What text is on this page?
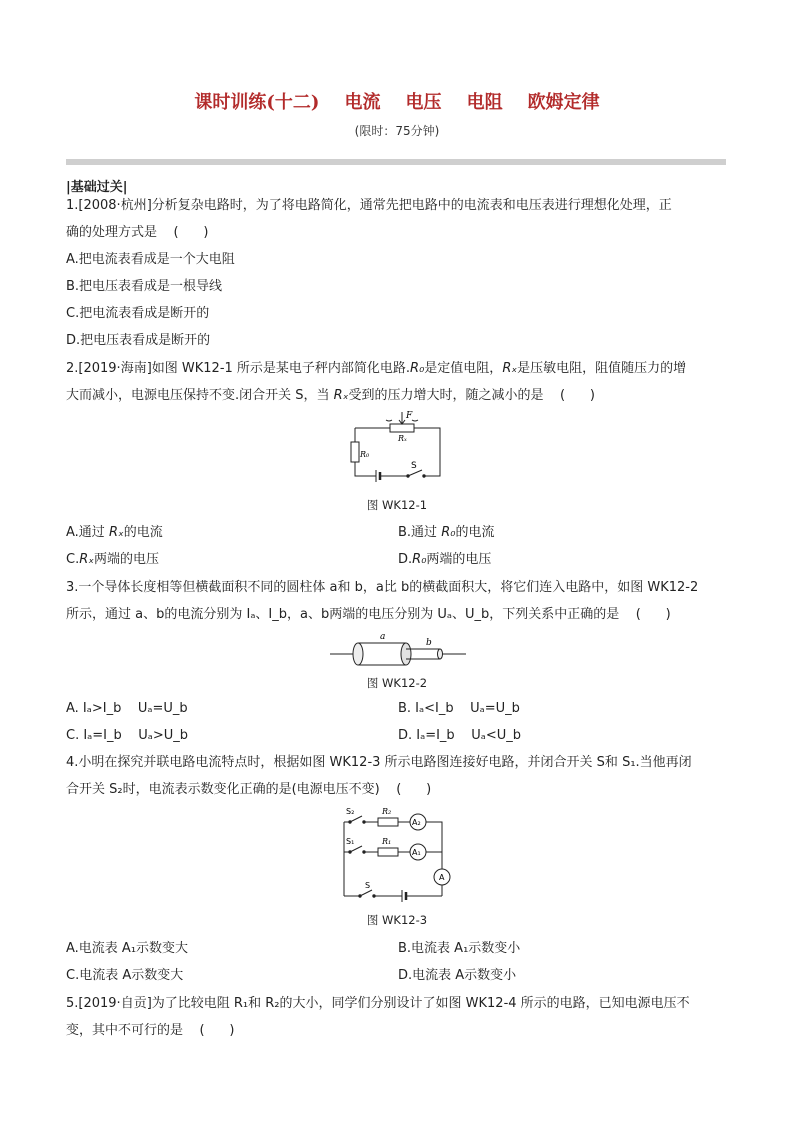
课时训练(十二)    电流    电压    电阻    欧姆定律
(限时：75分钟)
|基础过关|
1.[2008·杭州]分析复杂电路时，为了将电路简化，通常先把电路中的电流表和电压表进行理想化处理，正
确的处理方式是    (      )
A.把电流表看成是一个大电阻
B.把电压表看成是一根导线
C.把电流表看成是断开的
D.把电压表看成是断开的
2.[2019·海南]如图 WK12-1 所示是某电子秤内部简化电路.R₀是定值电阻，Rₓ是压敏电阻，阻值随压力的增
大而减小，电源电压保持不变.闭合开关 S，当 Rₓ受到的压力增大时，随之减小的是    (      )
F
Rₓ
R₀
S
图 WK12-1
A.通过 Rₓ的电流	B.通过 R₀的电流
C.Rₓ两端的电压	D.R₀两端的电压
3.一个导体长度相等但横截面积不同的圆柱体 a和 b，a比 b的横截面积大，将它们连入电路中，如图 WK12-2
所示，通过 a、b的电流分别为 Iₐ、I_b，a、b两端的电压分别为 Uₐ、U_b，下列关系中正确的是    (      )
a
b
图 WK12-2
A. Iₐ>I_b    Uₐ=U_b	B. Iₐ<I_b    Uₐ=U_b
C. Iₐ=I_b    Uₐ>U_b	D. Iₐ=I_b    Uₐ<U_b
4.小明在探究并联电路电流特点时，根据如图 WK12-3 所示电路图连接好电路，并闭合开关 S和 S₁.当他再闭
合开关 S₂时，电流表示数变化正确的是(电源电压不变)    (      )
S₂
S₁
R₂
R₁
A₂
A₁
A
S
图 WK12-3
A.电流表 A₁示数变大	B.电流表 A₁示数变小
C.电流表 A示数变大	D.电流表 A示数变小
5.[2019·自贡]为了比较电阻 R₁和 R₂的大小，同学们分别设计了如图 WK12-4 所示的电路，已知电源电压不
变，其中不可行的是    (      )
